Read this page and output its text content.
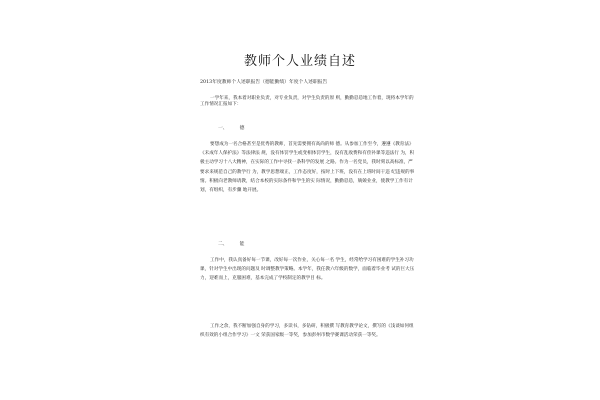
教师个人业绩自述
2013年度教师个人述职报告（德能勤绩）年度个人述职报告

一学年来，我本着对职业负责，对专业负责，对学生负责的原 则，勤勤恳恳地工作着，现将本学年的工作情况汇报如下：

一、	德

要想成为一名合格甚至是优秀的教师，首先需要拥有高尚的师 德。从参加工作至今，遵遵《教育法》《未成年人保护法》等法律法 规，没有体罚学生或变相体罚学生，没有乱收费和有偿补课等违法行 为，积极主动学习十八大精神，在实际的工作中寻找一条科学的发展 之路。作为一名党员，我时刻以高标准，严要求来规范自己的教学行 为，教学思想端正，工作态度好，按时上下班，没有在上班时间干违 纪违规的事情。积极向老教师请教，结合本校的实际条件和学生的实 际情况，勤勤恳恳，兢兢业业，使教学工作有计划，有组织，有步骤 地开展。

二、	能

工作中，我认真备好每一节课，改好每一次作业，关心每一名 学生，经常给学习有困难的学生补习功课，针对学生中出现的问题及 时调整教学策略。本学年，我任教六年级的数学，面临着毕业考 试的巨大压力，迎难而上，克服困难，基本完成了学校制定的教学目 标。

工作之余，我不断加强自身的学习，多读书，多钻研，积极撰 写教育教学论文，撰写的《浅谈如何组织有效的小组合作学习》一文 荣获国家级一等奖，参加彭州市数学赛课活动荣获一等奖。
